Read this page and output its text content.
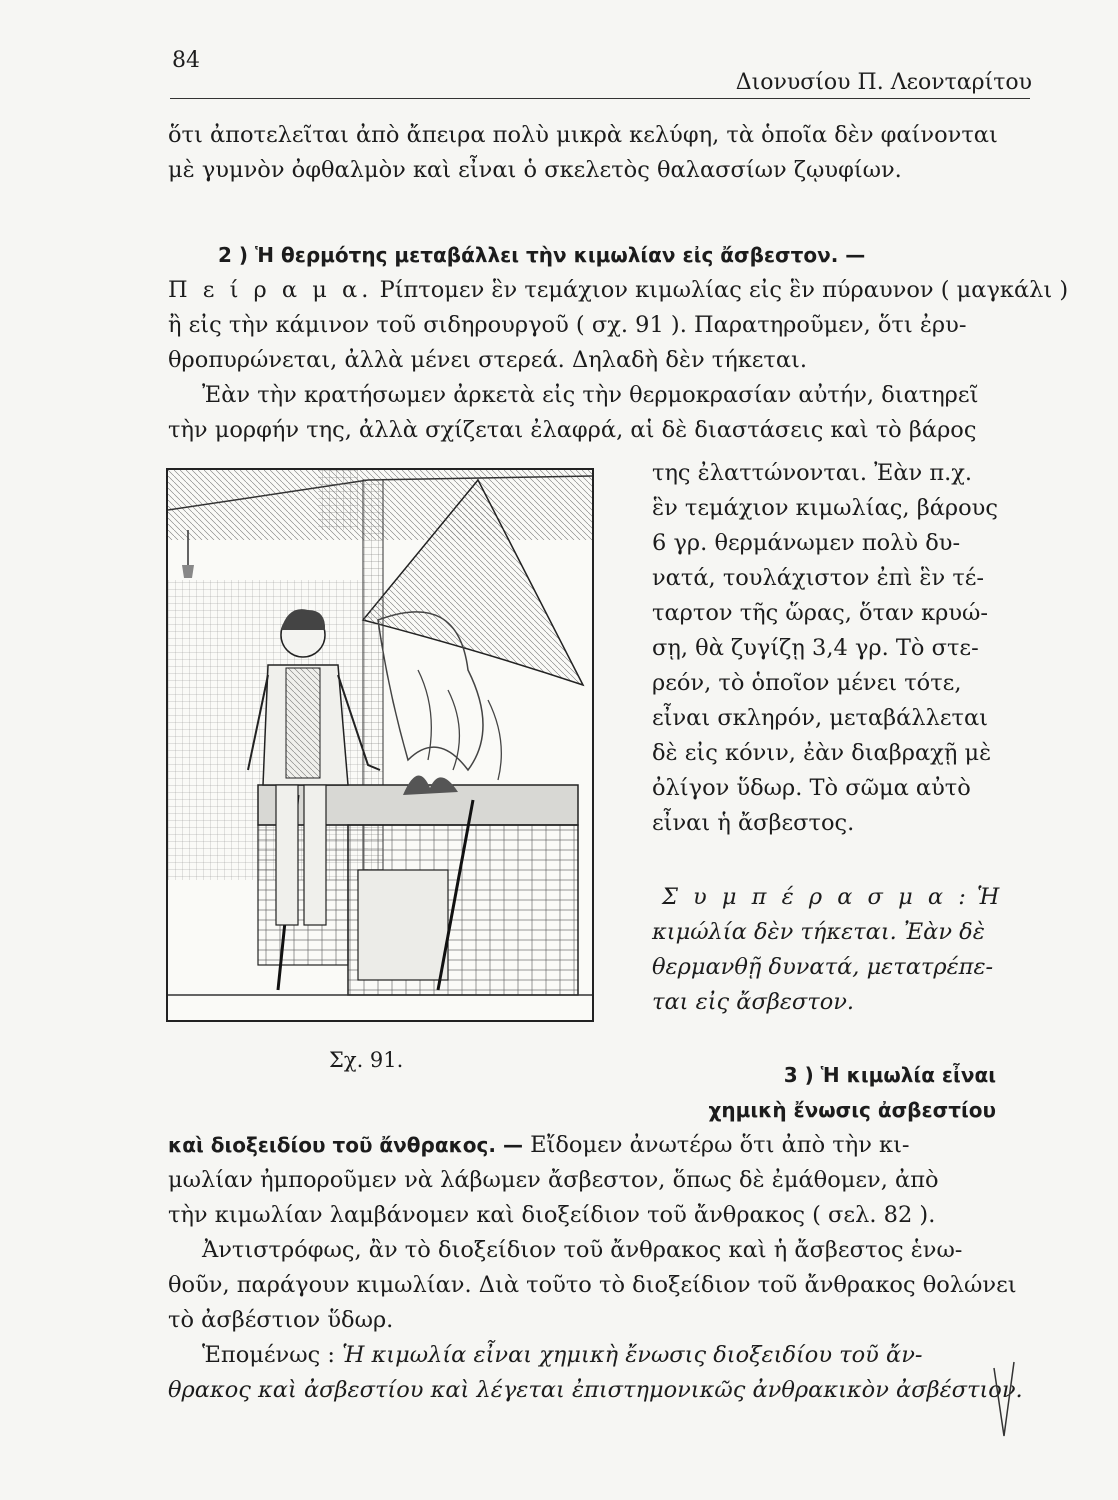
84
Διονυσίου Π. Λεονταρίτου
ὅτι ἀποτελεῖται ἀπὸ ἄπειρα πολὺ μικρὰ κελύφη, τὰ ὁποῖα δὲν φαίνονται
μὲ γυμνὸν ὀφθαλμὸν καὶ εἶναι ὁ σκελετὸς θαλασσίων ζῳυφίων.
2 ) Ἡ θερμότης μεταβάλλει τὴν κιμωλίαν εἰς ἄσβεστον. —
Π ε ί ρ α μ α. Ρίπτομεν ἓν τεμάχιον κιμωλίας εἰς ἓν πύραυνον ( μαγκάλι )
ἢ εἰς τὴν κάμινον τοῦ σιδηρουργοῦ ( σχ. 91 ). Παρατηροῦμεν, ὅτι ἐρυ-
θροπυρώνεται, ἀλλὰ μένει στερεά. Δηλαδὴ δὲν τήκεται.
Ἐὰν τὴν κρατήσωμεν ἀρκετὰ εἰς τὴν θερμοκρασίαν αὐτήν, διατηρεῖ
τὴν μορφήν της, ἀλλὰ σχίζεται ἐλαφρά, αἱ δὲ διαστάσεις καὶ τὸ βάρος
της ἐλαττώνονται. Ἐὰν π.χ.
ἓν τεμάχιον κιμωλίας, βάρους
6 γρ. θερμάνωμεν πολὺ δυ-
νατά, τουλάχιστον ἐπὶ ἓν τέ-
ταρτον τῆς ὥρας, ὅταν κρυώ-
σῃ, θὰ ζυγίζῃ 3,4 γρ. Τὸ στε-
ρεόν, τὸ ὁποῖον μένει τότε,
εἶναι σκληρόν, μεταβάλλεται
δὲ εἰς κόνιν, ἐὰν διαβραχῇ μὲ
ὀλίγον ὕδωρ. Τὸ σῶμα αὐτὸ
εἶναι ἡ ἄσβεστος.
Σ υ μ π έ ρ α σ μ α : Ἡ
κιμώλία δὲν τήκεται. Ἐὰν δὲ
θερμανθῇ δυνατά, μετατρέπε-
ται εἰς ἄσβεστον.
Σχ. 91.
3 ) Ἡ κιμωλία εἶναι
χημικὴ ἔνωσις ἀσβεστίου
καὶ διοξειδίου τοῦ ἄνθρακος. — Εἴδομεν ἀνωτέρω ὅτι ἀπὸ τὴν κι-
μωλίαν ἠμποροῦμεν νὰ λάβωμεν ἄσβεστον, ὅπως δὲ ἐμάθομεν, ἀπὸ
τὴν κιμωλίαν λαμβάνομεν καὶ διοξείδιον τοῦ ἄνθρακος ( σελ. 82 ).
Ἀντιστρόφως, ἂν τὸ διοξείδιον τοῦ ἄνθρακος καὶ ἡ ἄσβεστος ἑνω-
θοῦν, παράγουν κιμωλίαν. Διὰ τοῦτο τὸ διοξείδιον τοῦ ἄνθρακος θολώνει
τὸ ἀσβέστιον ὕδωρ.
Ἑπομένως : Ἡ κιμωλία εἶναι χημικὴ ἔνωσις διοξειδίου τοῦ ἄν-
θρακος καὶ ἀσβεστίου καὶ λέγεται ἐπιστημονικῶς ἀνθρακικὸν ἀσβέστιον.
